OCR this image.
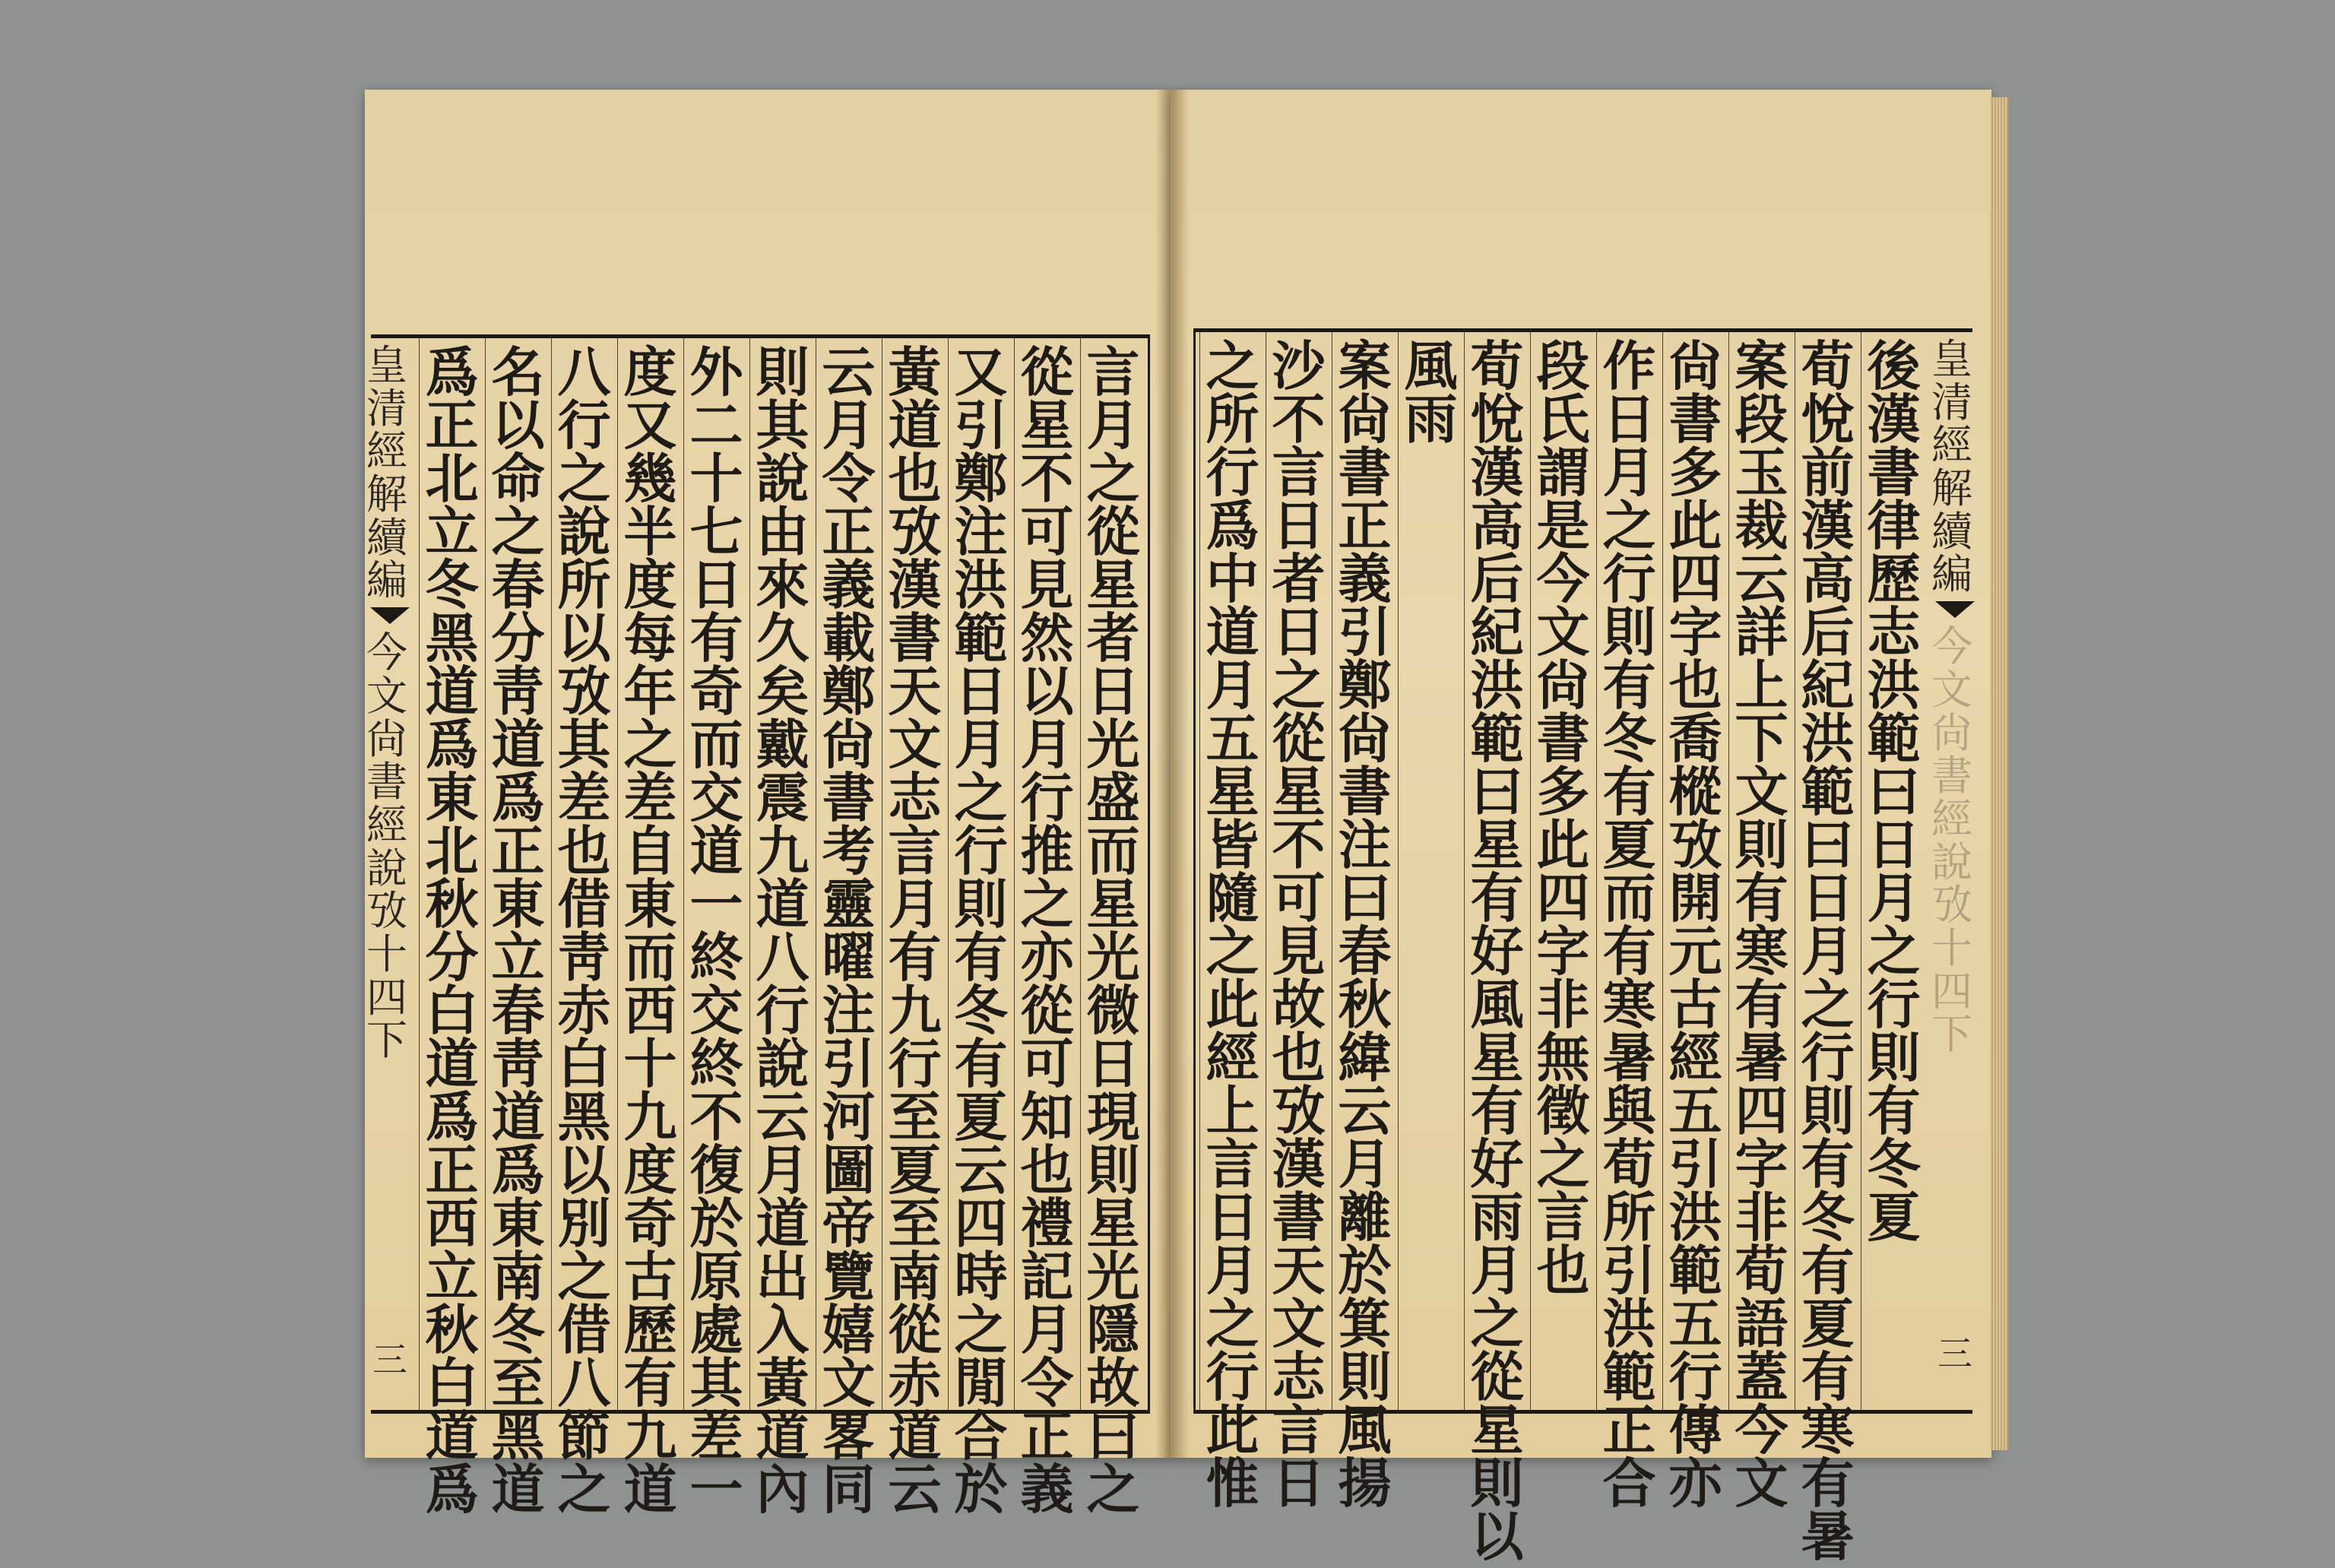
皇清經解續編
今文尙書經說攷十四下
三
言
月
之
從
星
者
日
光
盛
而
星
光
微
日
現
則
星
光
隱
故
曰
之
從
星
不
可
見
然
以
月
行
推
之
亦
從
可
知
也
禮
記
月
令
正
義
又
引
鄭
注
洪
範
日
月
之
行
則
有
冬
有
夏
云
四
時
之
閒
合
於
黃
道
也
攷
漢
書
天
文
志
言
月
有
九
行
至
夏
至
南
從
赤
道
云
云
月
令
正
義
載
鄭
尙
書
考
靈
曜
注
引
河
圖
帝
覽
嬉
文
畧
同
則
其
說
由
來
久
矣
戴
震
九
道
八
行
說
云
月
道
出
入
黃
道
內
外
二
十
七
日
有
奇
而
交
道
一
終
交
終
不
復
於
原
處
其
差
一
度
又
幾
半
度
每
年
之
差
自
東
而
西
十
九
度
奇
古
歷
有
九
道
八
行
之
說
所
以
攷
其
差
也
借
靑
赤
白
黑
以
別
之
借
八
節
之
名
以
命
之
春
分
靑
道
爲
正
東
立
春
靑
道
爲
東
南
冬
至
黑
道
爲
正
北
立
冬
黑
道
爲
東
北
秋
分
白
道
爲
正
西
立
秋
白
道
爲
後
漢
書
律
歷
志
洪
範
曰
日
月
之
行
則
有
冬
夏
荀
悅
前
漢
高
后
紀
洪
範
曰
日
月
之
行
則
有
冬
有
夏
有
寒
有
暑
案
段
玉
裁
云
詳
上
下
文
則
有
寒
有
暑
四
字
非
荀
語
蓋
今
文
尙
書
多
此
四
字
也
喬
樅
攷
開
元
古
經
五
引
洪
範
五
行
傳
亦
作
日
月
之
行
則
有
冬
有
夏
而
有
寒
暑
與
荀
所
引
洪
範
正
合
段
氏
謂
是
今
文
尙
書
多
此
四
字
非
無
徵
之
言
也
荀
悅
漢
高
后
紀
洪
範
曰
星
有
好
風
星
有
好
雨
月
之
從
星
則
以
風
雨
案
尙
書
正
義
引
鄭
尙
書
注
曰
春
秋
緯
云
月
離
於
箕
則
風
揚
沙
不
言
日
者
日
之
從
星
不
可
見
故
也
攷
漢
書
天
文
志
言
日
之
所
行
爲
中
道
月
五
星
皆
隨
之
此
經
上
言
日
月
之
行
此
惟
皇清經解續編
今文尙書經說攷十四下
三
